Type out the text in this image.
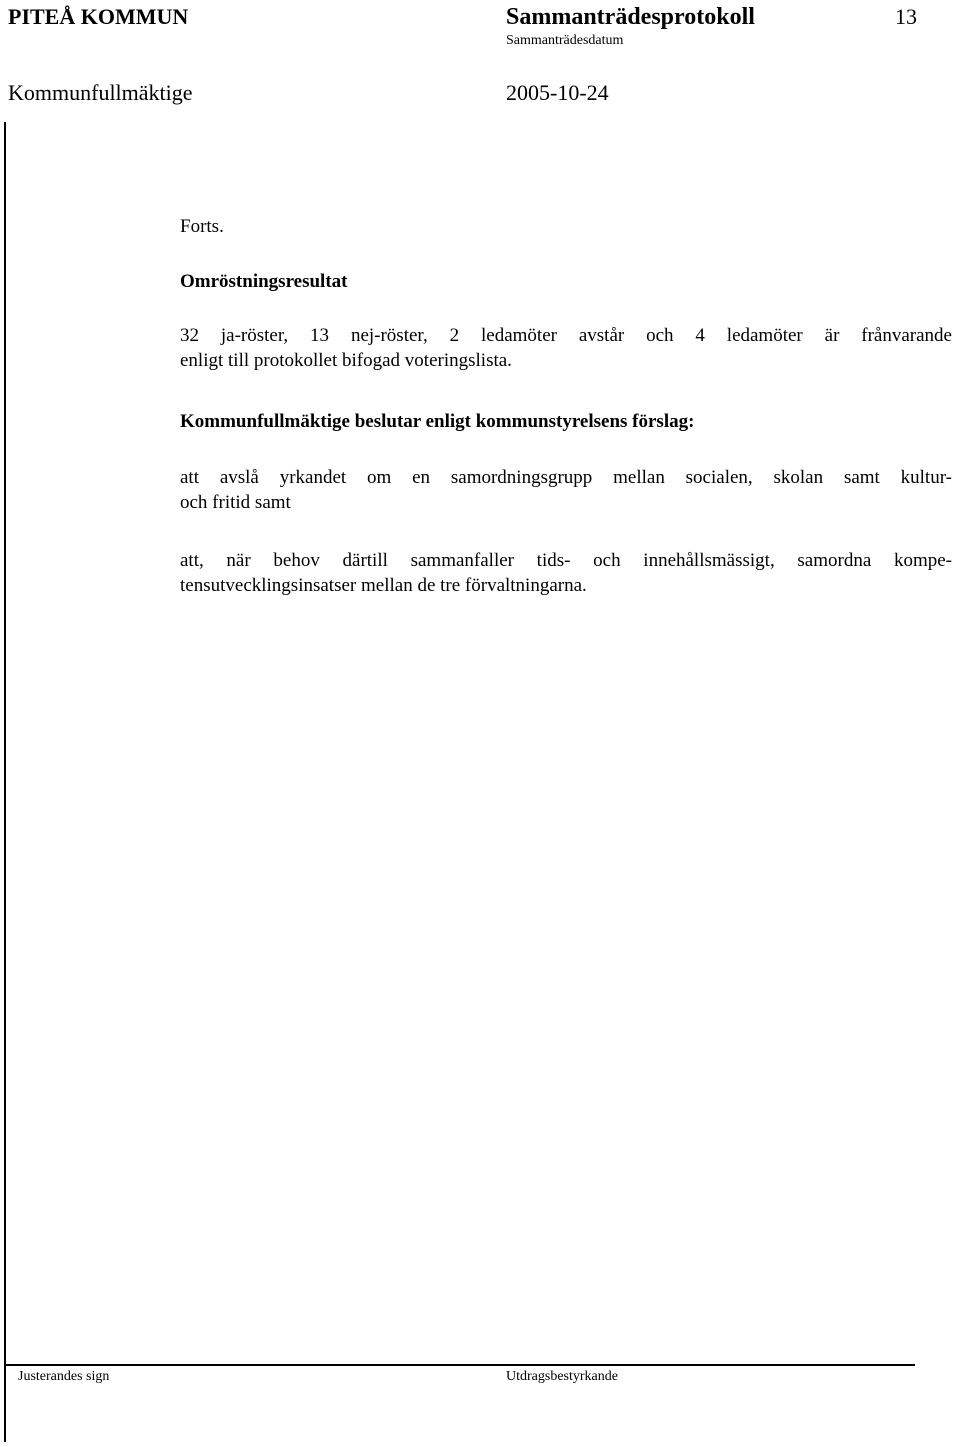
PITEÅ KOMMUN	Sammanträdesprotokoll	13
Sammanträdesdatum
Kommunfullmäktige	2005-10-24
Forts.
Omröstningsresultat
32 ja-röster, 13 nej-röster, 2 ledamöter avstår och 4 ledamöter är frånvarande
enligt till protokollet bifogad voteringslista.
Kommunfullmäktige beslutar enligt kommunstyrelsens förslag:
att avslå yrkandet om en samordningsgrupp mellan socialen, skolan samt kultur-
och fritid samt
att, när behov därtill sammanfaller tids- och innehållsmässigt, samordna kompe-
tensutvecklingsinsatser mellan de tre förvaltningarna.
Justerandes sign	Utdragsbestyrkande
